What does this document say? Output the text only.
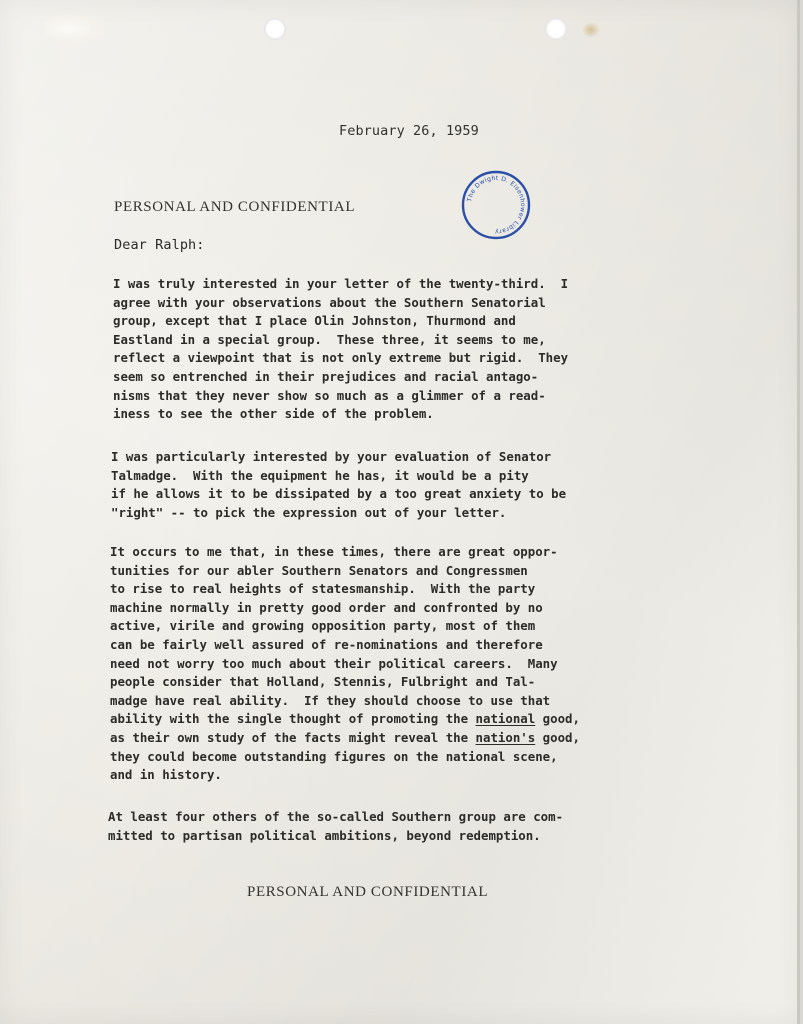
February 26, 1959
PERSONAL AND CONFIDENTIAL	The Dwight D. Eisenhower Library
Dear Ralph:
I was truly interested in your letter of the twenty-third.  I
agree with your observations about the Southern Senatorial
group, except that I place Olin Johnston, Thurmond and
Eastland in a special group.  These three, it seems to me,
reflect a viewpoint that is not only extreme but rigid.  They
seem so entrenched in their prejudices and racial antago-
nisms that they never show so much as a glimmer of a read-
iness to see the other side of the problem.
I was particularly interested by your evaluation of Senator
Talmadge.  With the equipment he has, it would be a pity
if he allows it to be dissipated by a too great anxiety to be
"right" -- to pick the expression out of your letter.
It occurs to me that, in these times, there are great oppor-
tunities for our abler Southern Senators and Congressmen
to rise to real heights of statesmanship.  With the party
machine normally in pretty good order and confronted by no
active, virile and growing opposition party, most of them
can be fairly well assured of re-nominations and therefore
need not worry too much about their political careers.  Many
people consider that Holland, Stennis, Fulbright and Tal-
madge have real ability.  If they should choose to use that
ability with the single thought of promoting the national good,
as their own study of the facts might reveal the nation's good,
they could become outstanding figures on the national scene,
and in history.
At least four others of the so-called Southern group are com-
mitted to partisan political ambitions, beyond redemption.
PERSONAL AND CONFIDENTIAL
